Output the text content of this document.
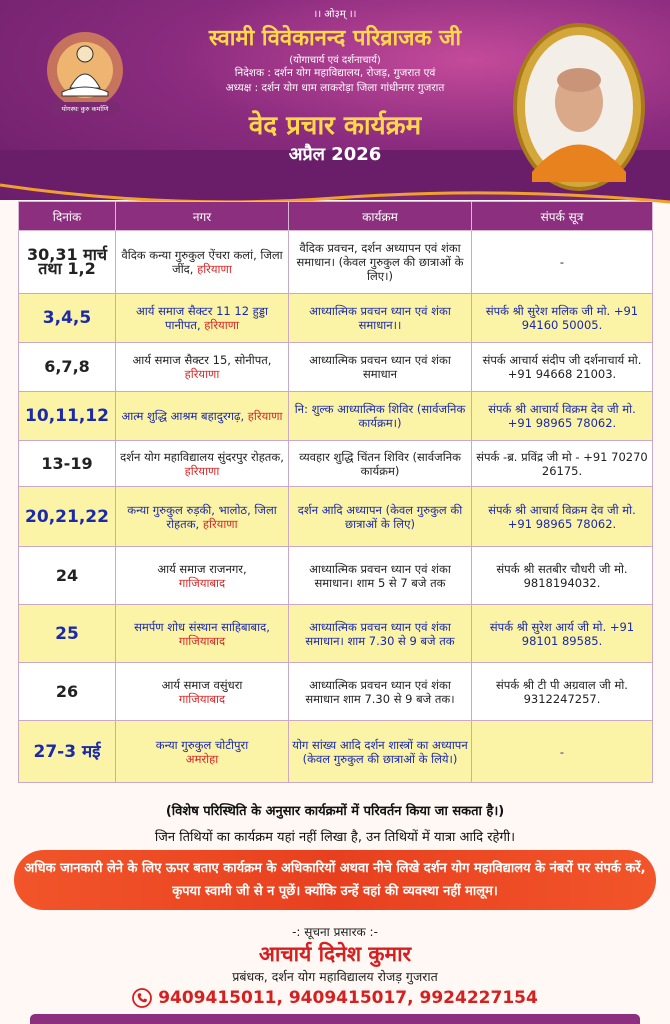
।। ओ३म् ।।
स्वामी विवेकानन्द परिव्राजक जी
(योगाचार्य एवं दर्शनाचार्य)
निदेशक : दर्शन योग महाविद्यालय, रोजड़, गुजरात एवं
अध्यक्ष : दर्शन योग धाम लाकरोड़ा जिला गांधीनगर गुजरात
वेद प्रचार कार्यक्रम
अप्रैल 2026
योगस्थः कुरु कर्माणि
दिनांक	नगर	कार्यक्रम	संपर्क सूत्र
30,31 मार्च तथा 1,2	वैदिक कन्या गुरुकुल ऐंचरा कलां, जिला जींद, हरियाणा	वैदिक प्रवचन, दर्शन अध्यापन एवं शंका समाधान। (केवल गुरुकुल की छात्राओं के लिए।)	-
3,4,5	आर्य समाज सैक्टर 11 12 हुड्डा पानीपत, हरियाणा	आध्यात्मिक प्रवचन ध्यान एवं शंका समाधान।।	संपर्क श्री सुरेश मलिक जी मो. +91 94160 50005.
6,7,8	आर्य समाज सैक्टर 15, सोनीपत, हरियाणा	आध्यात्मिक प्रवचन ध्यान एवं शंका समाधान	संपर्क आचार्य संदीप जी दर्शनाचार्य मो. +91 94668 21003.
10,11,12	आत्म शुद्धि आश्रम बहादुरगढ़, हरियाणा	नि: शुल्क आध्यात्मिक शिविर (सार्वजनिक कार्यक्रम।)	संपर्क श्री आचार्य विक्रम देव जी मो. +91 98965 78062.
13-19	दर्शन योग महाविद्यालय सुंदरपुर रोहतक, हरियाणा	व्यवहार शुद्धि चिंतन शिविर (सार्वजनिक कार्यक्रम)	संपर्क -ब्र. प्रविंद्र जी मो - +91 70270 26175.
20,21,22	कन्या गुरुकुल रुड़की, भालोठ, जिला रोहतक, हरियाणा	दर्शन आदि अध्यापन (केवल गुरुकुल की छात्राओं के लिए)	संपर्क श्री आचार्य विक्रम देव जी मो. +91 98965 78062.
24	आर्य समाज राजनगर,
गाजियाबाद	आध्यात्मिक प्रवचन ध्यान एवं शंका समाधान। शाम 5 से 7 बजे तक	संपर्क श्री सतबीर चौधरी जी मो. 9818194032.
25	समर्पण शोध संस्थान साहिबाबाद, गाजियाबाद	आध्यात्मिक प्रवचन ध्यान एवं शंका समाधान। शाम 7.30 से 9 बजे तक	संपर्क श्री सुरेश आर्य जी मो. +91 98101 89585.
26	आर्य समाज वसुंधरा
गाजियाबाद	आध्यात्मिक प्रवचन ध्यान एवं शंका समाधान शाम 7.30 से 9 बजे तक।	संपर्क श्री टी पी अग्रवाल जी मो. 9312247257.
27-3 मई	कन्या गुरुकुल चोटीपुरा
अमरोहा	योग सांख्य आदि दर्शन शास्त्रों का अध्यापन (केवल गुरुकुल की छात्राओं के लिये।)	-
(विशेष परिस्थिति के अनुसार कार्यक्रमों में परिवर्तन किया जा सकता है।)
जिन तिथियों का कार्यक्रम यहां नहीं लिखा है, उन तिथियों में यात्रा आदि रहेगी।
अधिक जानकारी लेने के लिए ऊपर बताए कार्यक्रम के अधिकारियों अथवा नीचे लिखे दर्शन योग महाविद्यालय के नंबरों पर संपर्क करें, कृपया स्वामी जी से न पूछें। क्योंकि उन्हें वहां की व्यवस्था नहीं मालूम।
-: सूचना प्रसारक :-
आचार्य दिनेश कुमार
प्रबंधक, दर्शन योग महाविद्यालय रोजड़ गुजरात
9409415011, 9409415017, 9924227154
